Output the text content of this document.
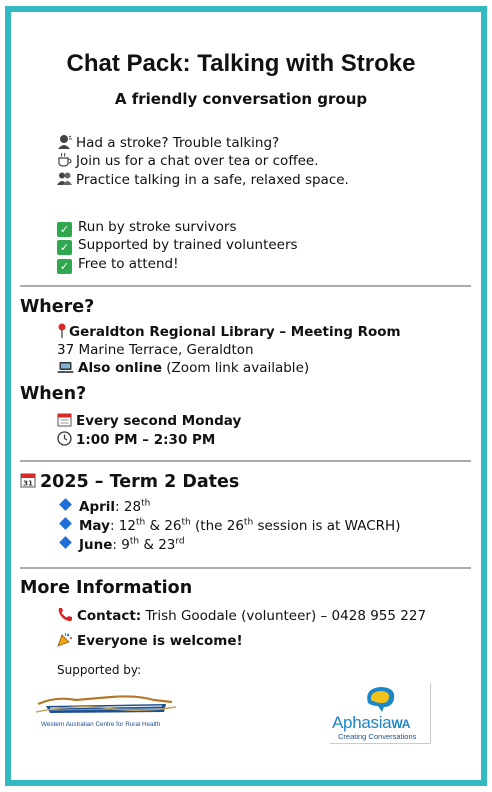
Chat Pack: Talking with Stroke
A friendly conversation group
Had a stroke? Trouble talking?
Join us for a chat over tea or coffee.
Practice talking in a safe, relaxed space.
✓ Run by stroke survivors
✓ Supported by trained volunteers
✓ Free to attend!
Where?
Geraldton Regional Library – Meeting Room
37 Marine Terrace, Geraldton
Also online (Zoom link available)
When?
Every second Monday
1:00 PM – 2:30 PM
31 2025 – Term 2 Dates
April: 28th
May: 12th & 26th (the 26th session is at WACRH)
June: 9th & 23rd
More Information
Contact: Trish Goodale (volunteer) – 0428 955 227
Everyone is welcome!
Supported by:
Western Australian Centre for Rural Health	AphasiaWA
Creating Conversations
